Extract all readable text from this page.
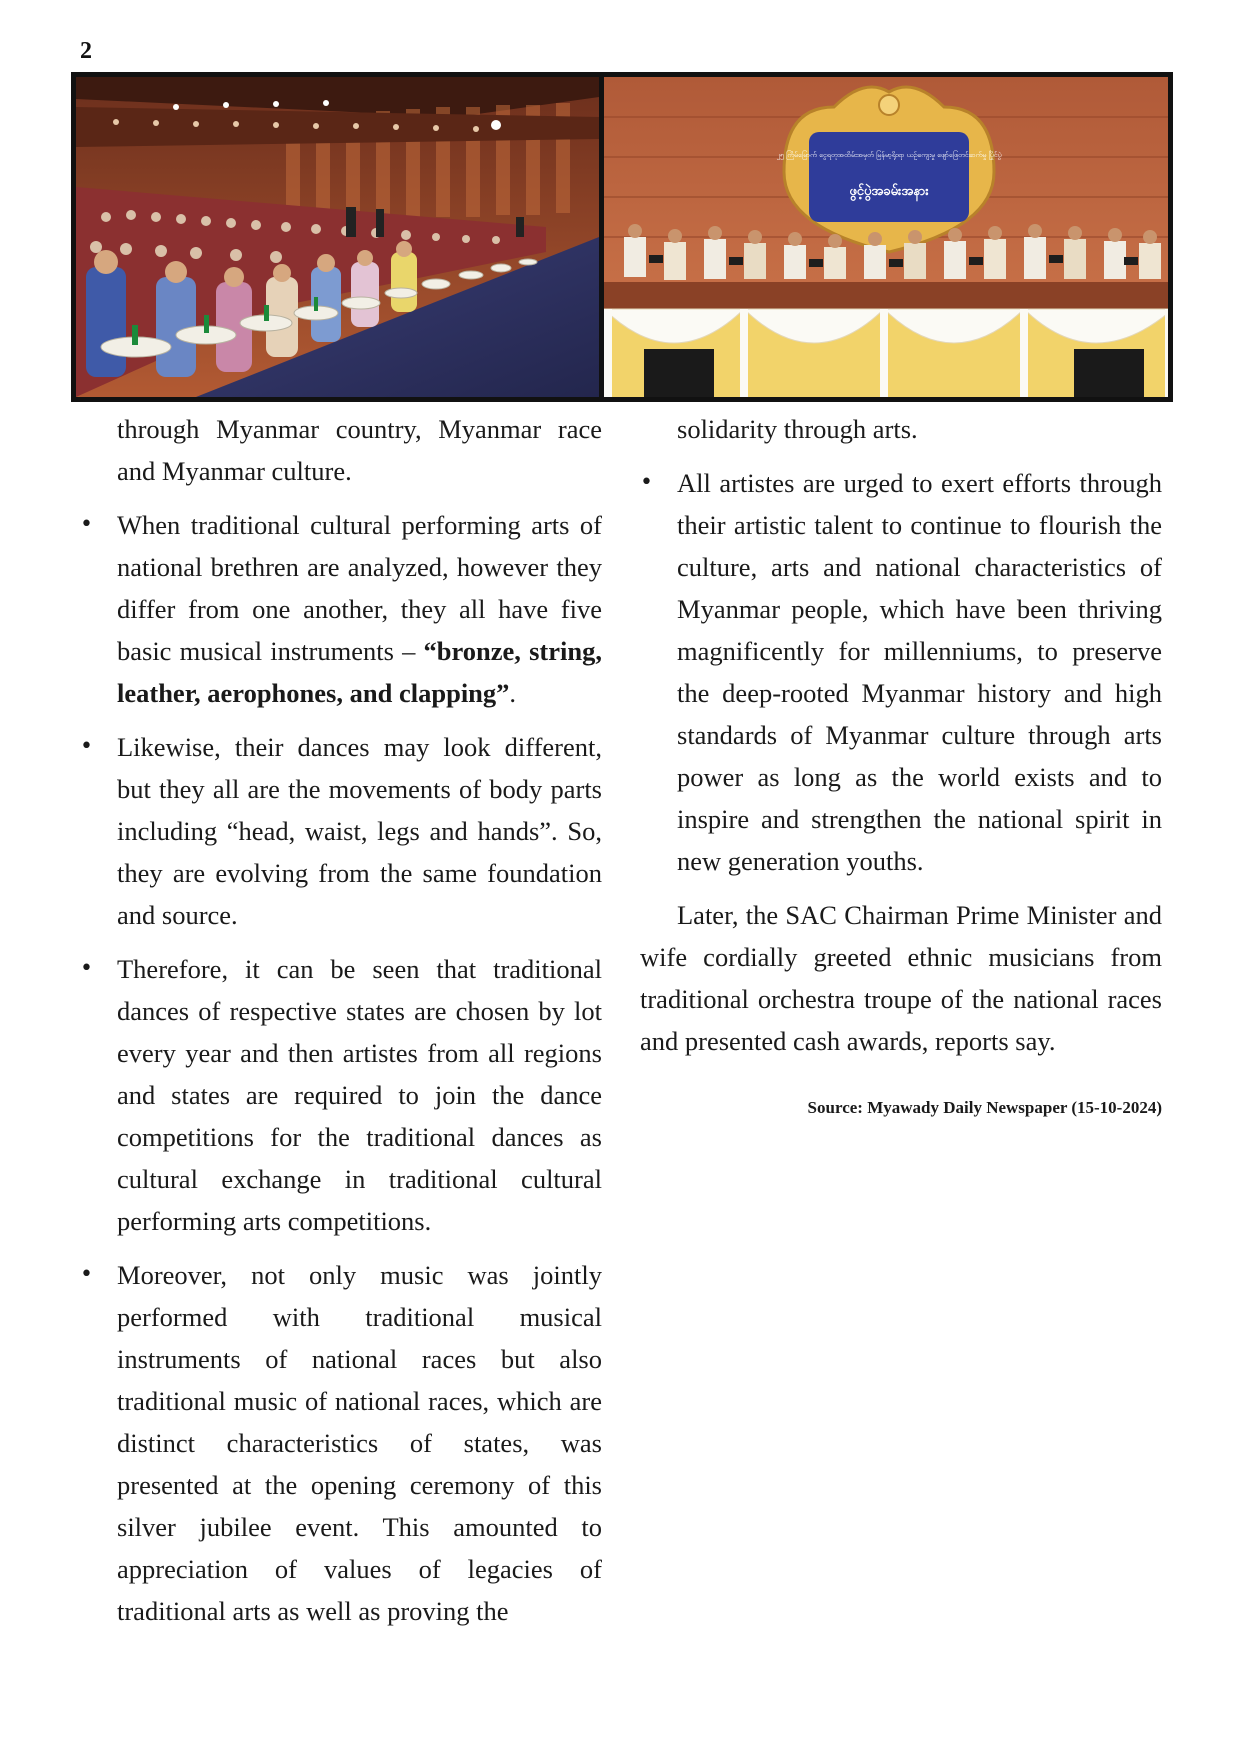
2
၂၅ ကြိမ်မြောက် ငွေရတုအထိမ်းအမှတ် မြန်မာ့ရိုးရာ ယဉ်ကျေးမှု ဖျော်ဖြေတင်ဆက်မှု ပြိုင်ပွဲ
ဖွင့်ပွဲအခမ်းအနား

through Myanmar country, Myanmar race and Myanmar culture.

• When traditional cultural performing arts of national brethren are analyzed, however they differ from one another, they all have five basic musical instruments – “bronze, string, leather, aerophones, and clapping”.
• Likewise, their dances may look different, but they all are the movements of body parts including “head, waist, legs and hands”. So, they are evolving from the same foundation and source.
• Therefore, it can be seen that traditional dances of respective states are chosen by lot every year and then artistes from all regions and states are required to join the dance competitions for the traditional dances as cultural exchange in traditional cultural performing arts competitions.
• Moreover, not only music was jointly performed with traditional musical instruments of national races but also traditional music of national races, which are distinct characteristics of states, was presented at the opening ceremony of this silver jubilee event. This amounted to appreciation of values of legacies of traditional arts as well as proving the

solidarity through arts.

• All artistes are urged to exert efforts through their artistic talent to continue to flourish the culture, arts and national characteristics of Myanmar people, which have been thriving magnificently for millenniums, to preserve the deep-rooted Myanmar history and high standards of Myanmar culture through arts power as long as the world exists and to inspire and strengthen the national spirit in new generation youths.

Later, the SAC Chairman Prime Minister and wife cordially greeted ethnic musicians from traditional orchestra troupe of the national races and presented cash awards, reports say.

Source: Myawady Daily Newspaper (15-10-2024)
